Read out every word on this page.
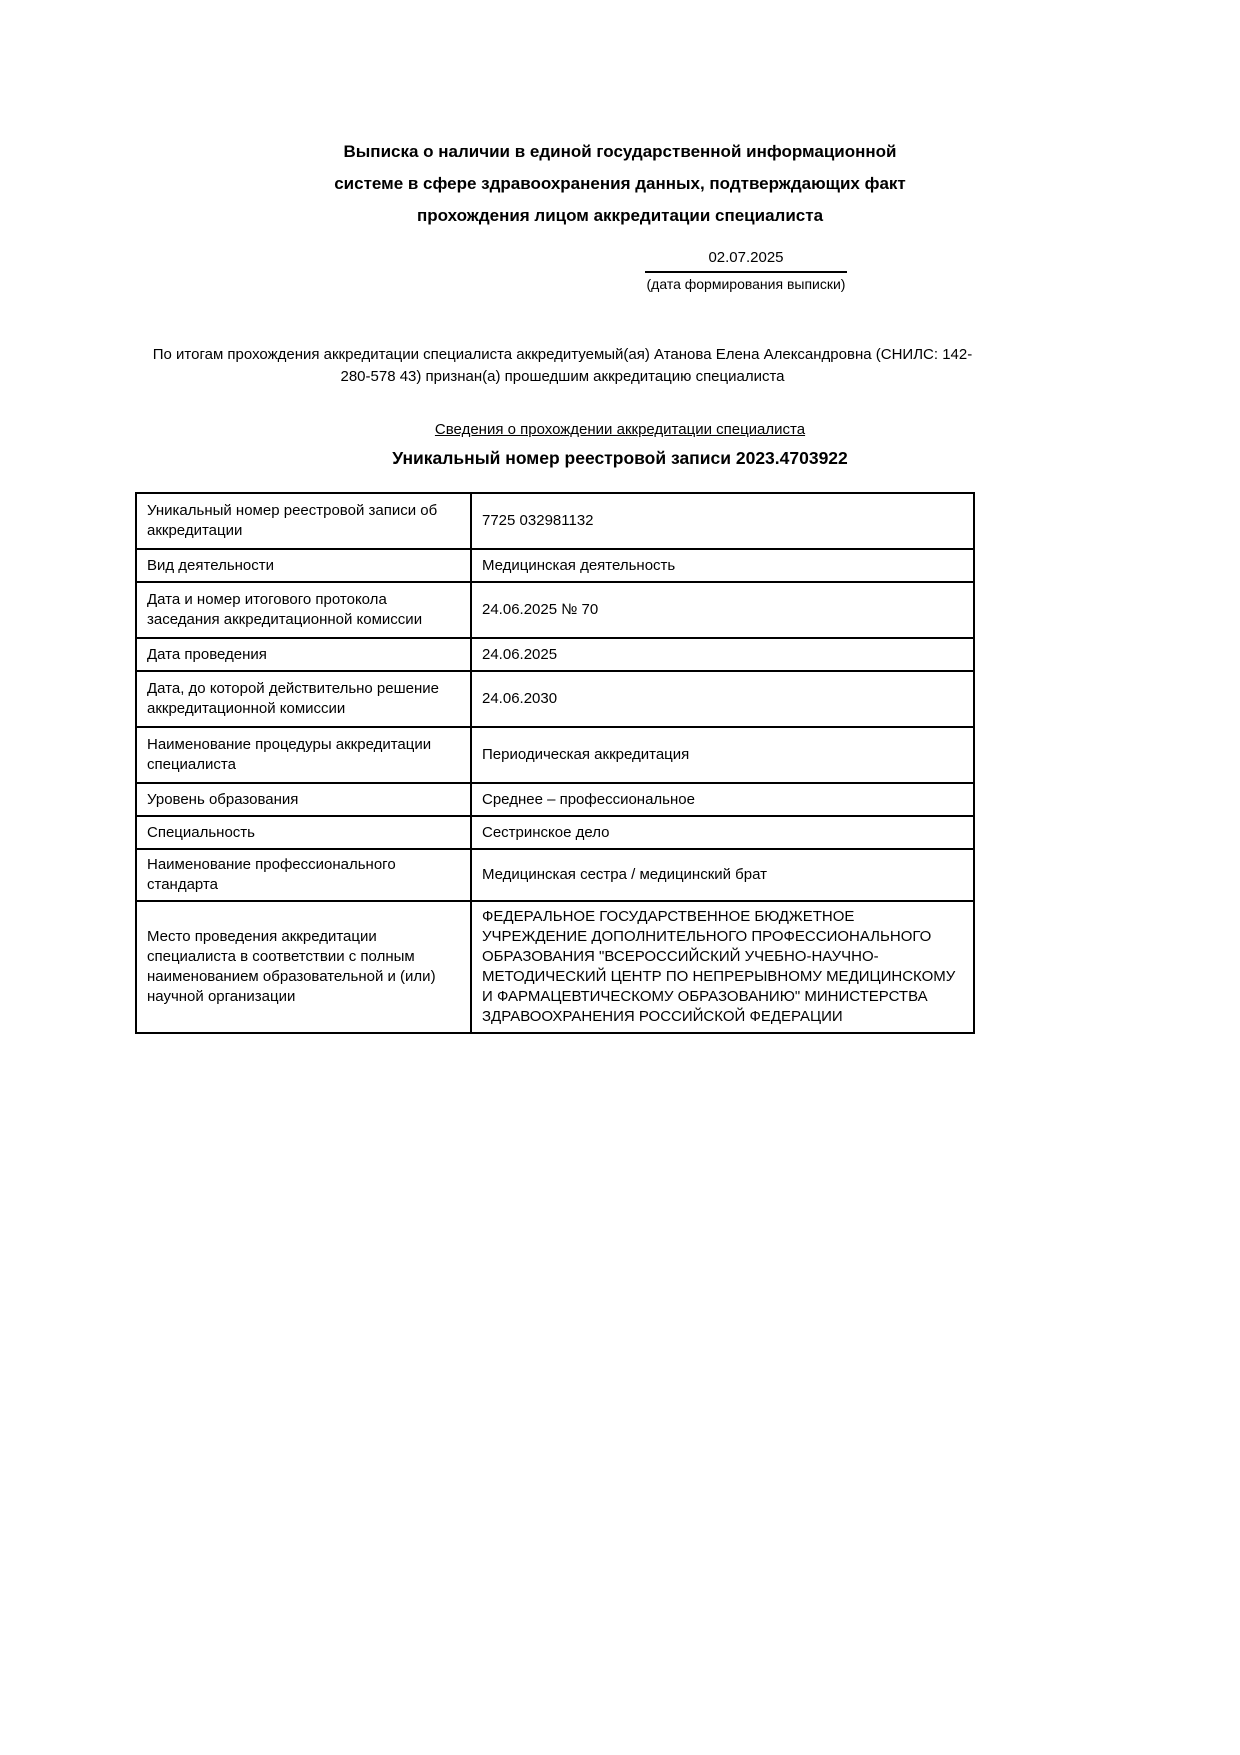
Выписка о наличии в единой государственной информационной системе в сфере здравоохранения данных, подтверждающих факт прохождения лицом аккредитации специалиста
02.07.2025
(дата формирования выписки)
По итогам прохождения аккредитации специалиста аккредитуемый(ая) Атанова Елена Александровна (СНИЛС: 142-280-578 43) признан(а) прошедшим аккредитацию специалиста
Сведения о прохождении аккредитации специалиста
Уникальный номер реестровой записи 2023.4703922
Уникальный номер реестровой записи об аккредитации	7725 032981132
Вид деятельности	Медицинская деятельность
Дата и номер итогового протокола заседания аккредитационной комиссии	24.06.2025 № 70
Дата проведения	24.06.2025
Дата, до которой действительно решение аккредитационной комиссии	24.06.2030
Наименование процедуры аккредитации специалиста	Периодическая аккредитация
Уровень образования	Среднее – профессиональное
Специальность	Сестринское дело
Наименование профессионального стандарта	Медицинская сестра / медицинский брат
Место проведения аккредитации специалиста в соответствии с полным наименованием образовательной и (или) научной организации	ФЕДЕРАЛЬНОЕ ГОСУДАРСТВЕННОЕ БЮДЖЕТНОЕ УЧРЕЖДЕНИЕ ДОПОЛНИТЕЛЬНОГО ПРОФЕССИОНАЛЬНОГО ОБРАЗОВАНИЯ "ВСЕРОССИЙСКИЙ УЧЕБНО-НАУЧНО-МЕТОДИЧЕСКИЙ ЦЕНТР ПО НЕПРЕРЫВНОМУ МЕДИЦИНСКОМУ И ФАРМАЦЕВТИЧЕСКОМУ ОБРАЗОВАНИЮ" МИНИСТЕРСТВА ЗДРАВООХРАНЕНИЯ РОССИЙСКОЙ ФЕДЕРАЦИИ
